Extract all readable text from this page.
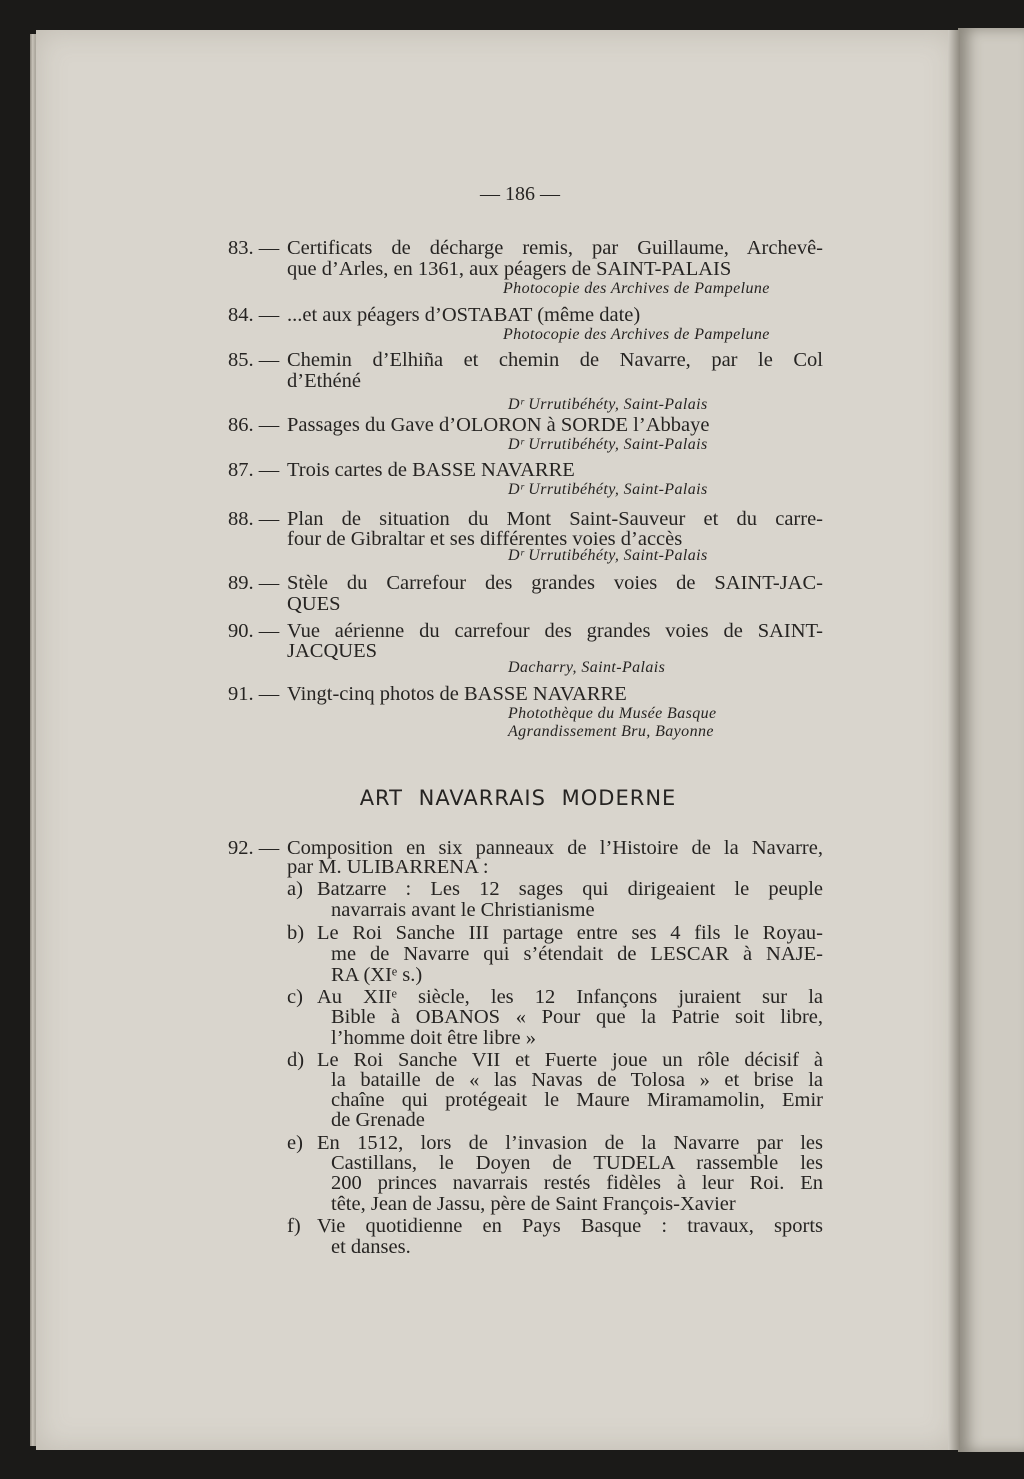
— 186 —
ART NAVARRAIS MODERNE
83. — Certificats de décharge remis, par Guillaume, Archevê-
que d’Arles, en 1361, aux péagers de SAINT-PALAIS
Photocopie des Archives de Pampelune
84. — ...et aux péagers d’OSTABAT (même date)
Photocopie des Archives de Pampelune
85. — Chemin d’Elhiña et chemin de Navarre, par le Col
d’Ethéné
Dʳ Urrutibéhéty, Saint-Palais
86. — Passages du Gave d’OLORON à SORDE l’Abbaye
Dʳ Urrutibéhéty, Saint-Palais
87. — Trois cartes de BASSE NAVARRE
Dʳ Urrutibéhéty, Saint-Palais
88. — Plan de situation du Mont Saint-Sauveur et du carre-
four de Gibraltar et ses différentes voies d’accès
Dʳ Urrutibéhéty, Saint-Palais
89. — Stèle du Carrefour des grandes voies de SAINT-JAC-
QUES
90. — Vue aérienne du carrefour des grandes voies de SAINT-
JACQUES
Dacharry, Saint-Palais
91. — Vingt-cinq photos de BASSE NAVARRE
Photothèque du Musée Basque
Agrandissement Bru, Bayonne
92. — Composition en six panneaux de l’Histoire de la Navarre,
par M. ULIBARRENA :
a) Batzarre : Les 12 sages qui dirigeaient le peuple
navarrais avant le Christianisme
b) Le Roi Sanche III partage entre ses 4 fils le Royau-
me de Navarre qui s’étendait de LESCAR à NAJE-
RA (XIᵉ s.)
c) Au XIIᵉ siècle, les 12 Infançons juraient sur la
Bible à OBANOS « Pour que la Patrie soit libre,
l’homme doit être libre »
d) Le Roi Sanche VII et Fuerte joue un rôle décisif à
la bataille de « las Navas de Tolosa » et brise la
chaîne qui protégeait le Maure Miramamolin, Emir
de Grenade
e) En 1512, lors de l’invasion de la Navarre par les
Castillans, le Doyen de TUDELA rassemble les
200 princes navarrais restés fidèles à leur Roi. En
tête, Jean de Jassu, père de Saint François-Xavier
f) Vie quotidienne en Pays Basque : travaux, sports
et danses.
